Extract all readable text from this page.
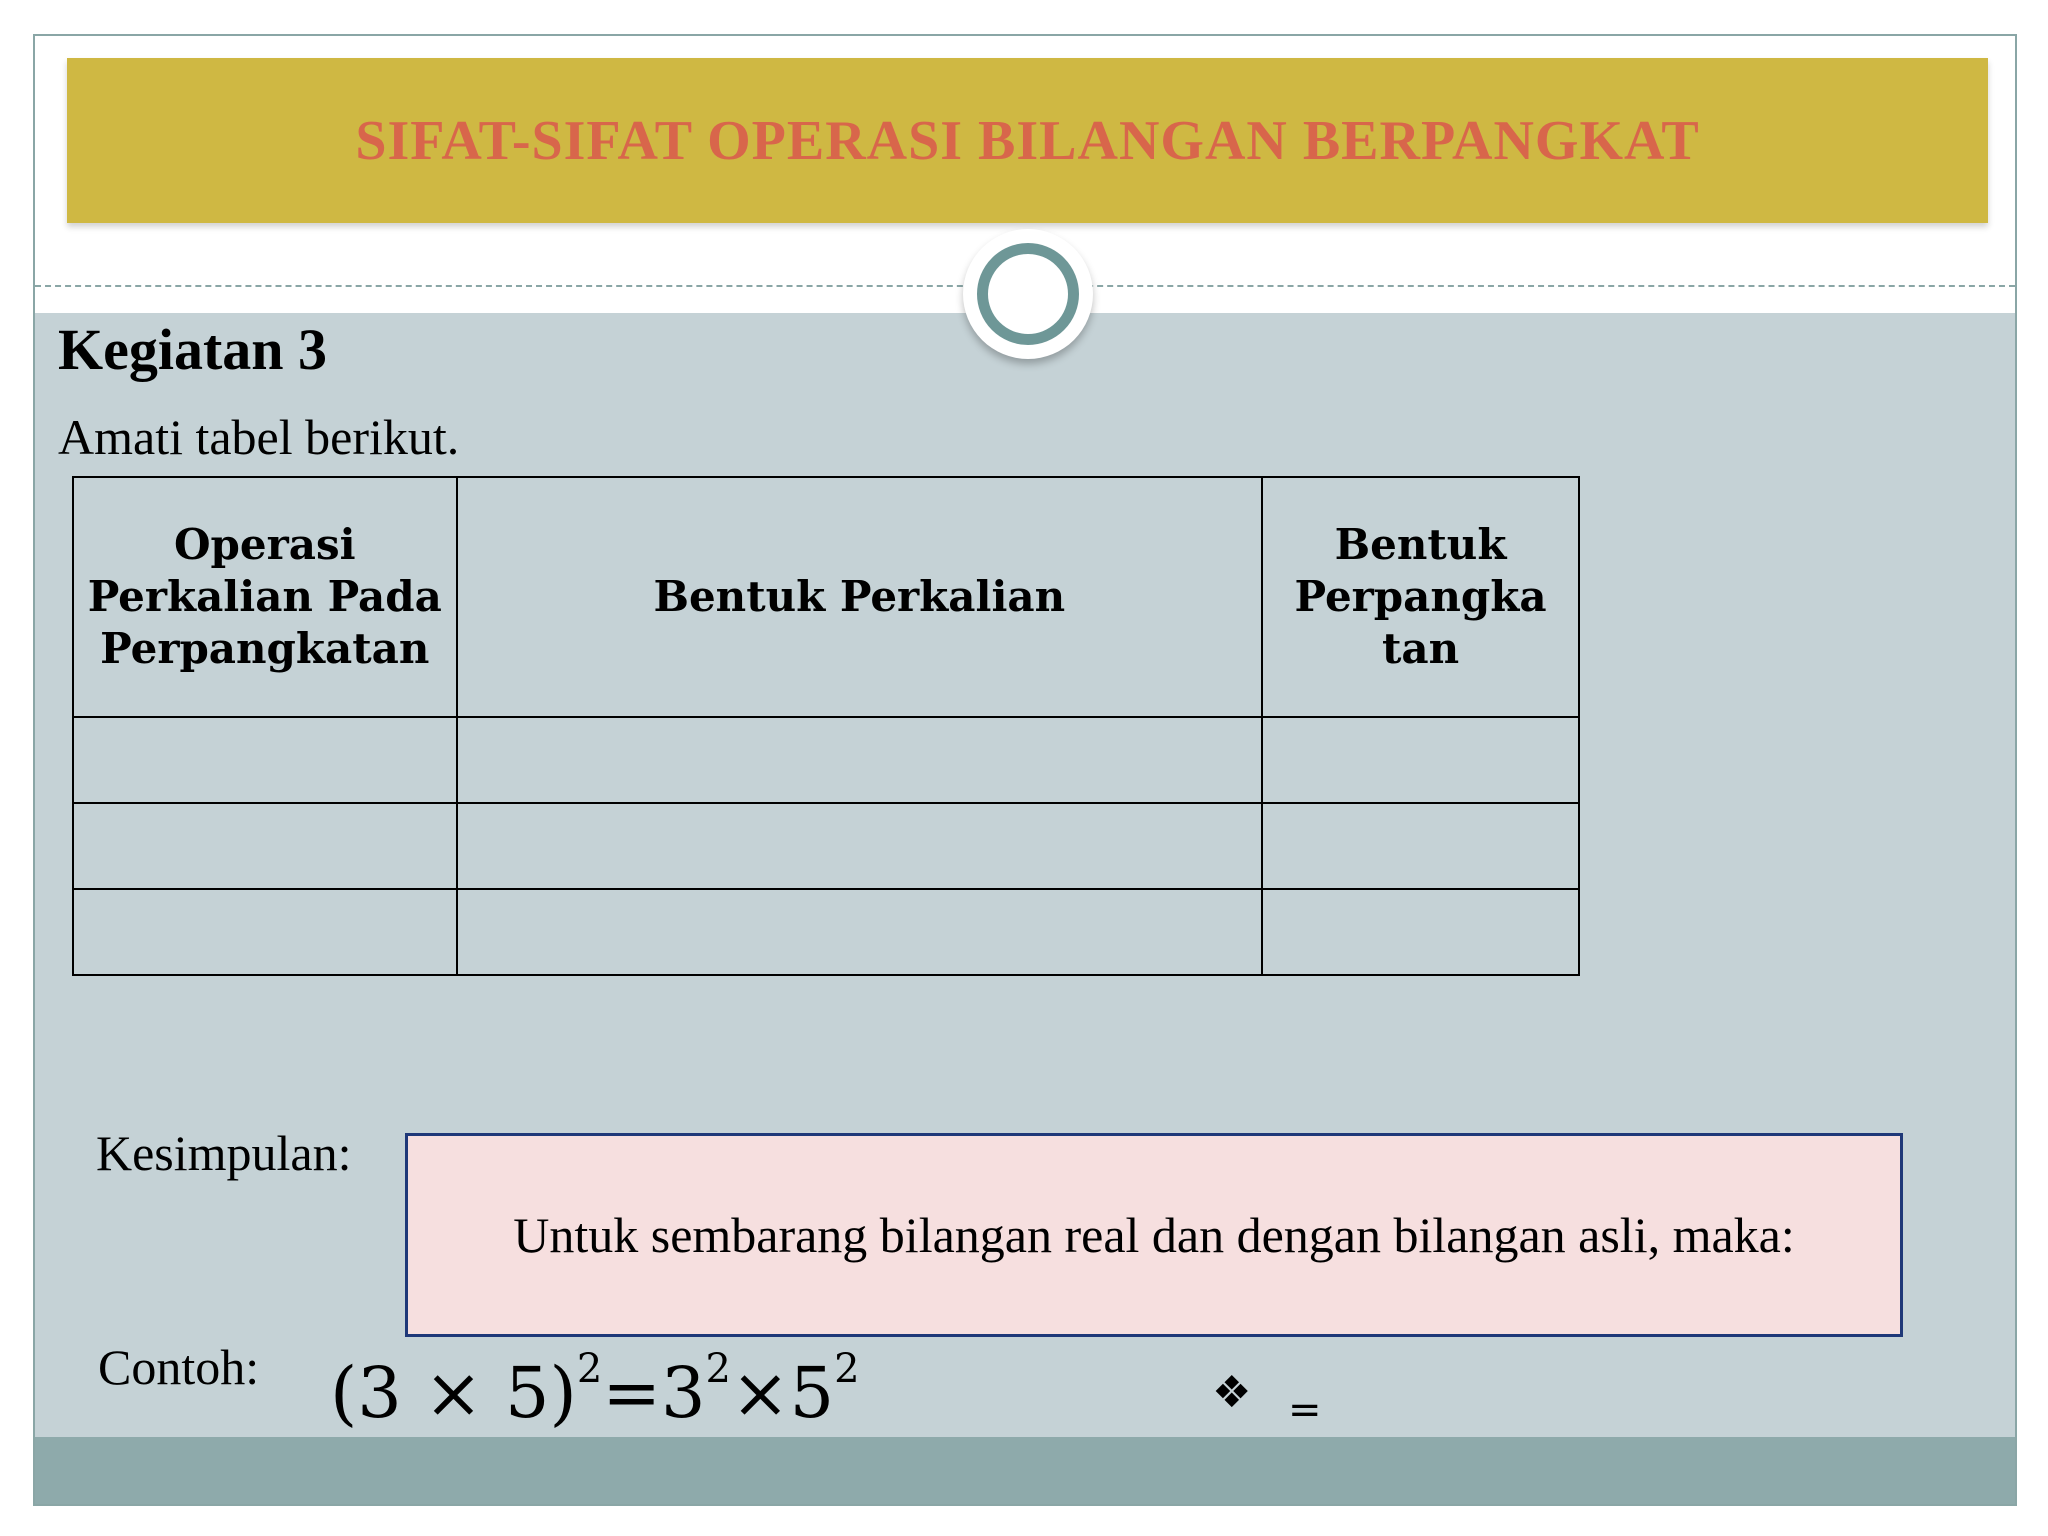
SIFAT-SIFAT OPERASI BILANGAN BERPANGKAT
Kegiatan 3
Amati tabel berikut.
Operasi Perkalian Pada Perpangkatan	Bentuk Perkalian	Bentuk Perpangka tan

Kesimpulan:
Untuk sembarang bilangan real dan dengan bilangan asli, maka:
Contoh: $(3 \times 5)^2=3^2\times 5^2$	❖ =
